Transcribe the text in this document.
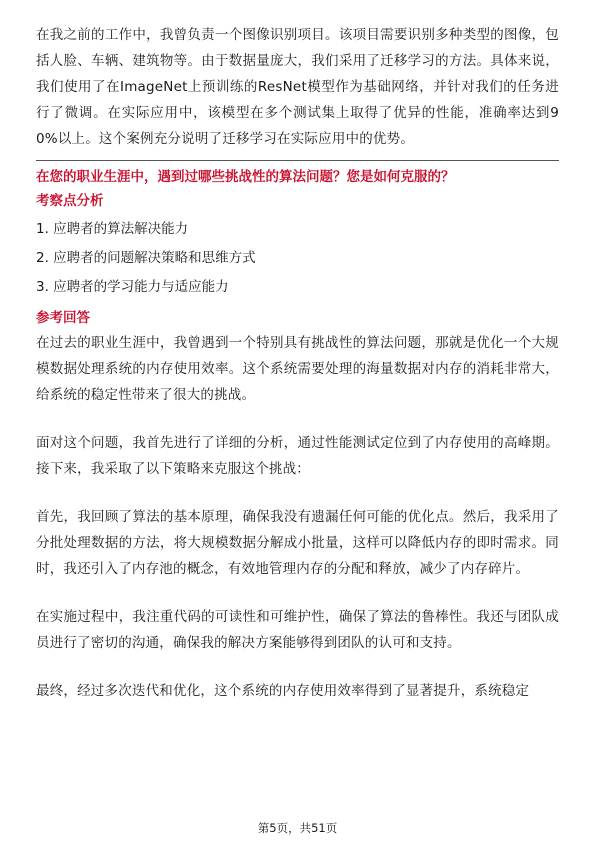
在我之前的工作中，我曾负责一个图像识别项目。该项目需要识别多种类型的图像，包括人脸、车辆、建筑物等。由于数据量庞大，我们采用了迁移学习的方法。具体来说，我们使用了在ImageNet上预训练的ResNet模型作为基础网络，并针对我们的任务进行了微调。在实际应用中，该模型在多个测试集上取得了优异的性能，准确率达到90%以上。这个案例充分说明了迁移学习在实际应用中的优势。

在您的职业生涯中，遇到过哪些挑战性的算法问题？您是如何克服的？

考察点分析

1. 应聘者的算法解决能力
2. 应聘者的问题解决策略和思维方式
3. 应聘者的学习能力与适应能力

参考回答

在过去的职业生涯中，我曾遇到一个特别具有挑战性的算法问题，那就是优化一个大规模数据处理系统的内存使用效率。这个系统需要处理的海量数据对内存的消耗非常大，给系统的稳定性带来了很大的挑战。

面对这个问题，我首先进行了详细的分析，通过性能测试定位到了内存使用的高峰期。接下来，我采取了以下策略来克服这个挑战：

首先，我回顾了算法的基本原理，确保我没有遗漏任何可能的优化点。然后，我采用了分批处理数据的方法，将大规模数据分解成小批量，这样可以降低内存的即时需求。同时，我还引入了内存池的概念，有效地管理内存的分配和释放，减少了内存碎片。

在实施过程中，我注重代码的可读性和可维护性，确保了算法的鲁棒性。我还与团队成员进行了密切的沟通，确保我的解决方案能够得到团队的认可和支持。

最终，经过多次迭代和优化，这个系统的内存使用效率得到了显著提升，系统稳定

第5页，共51页
